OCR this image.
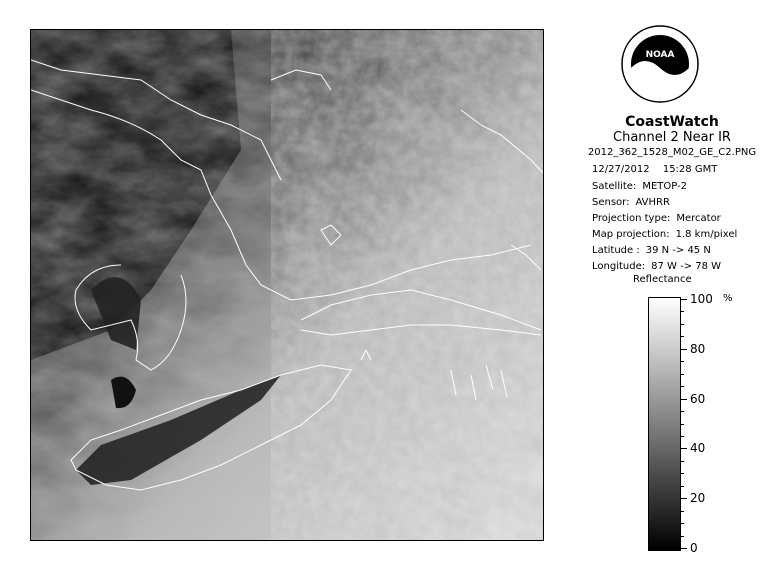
NOAA
CoastWatch
Channel 2 Near IR
2012_362_1528_M02_GE_C2.PNG
12/27/2012 15:28 GMT
Satellite: METOP-2
Sensor: AVHRR
Projection type: Mercator
Map projection: 1.8 km/pixel
Latitude : 39 N -> 45 N
Longitude: 87 W -> 78 W
Reflectance
%
100
80
60
40
20
0
